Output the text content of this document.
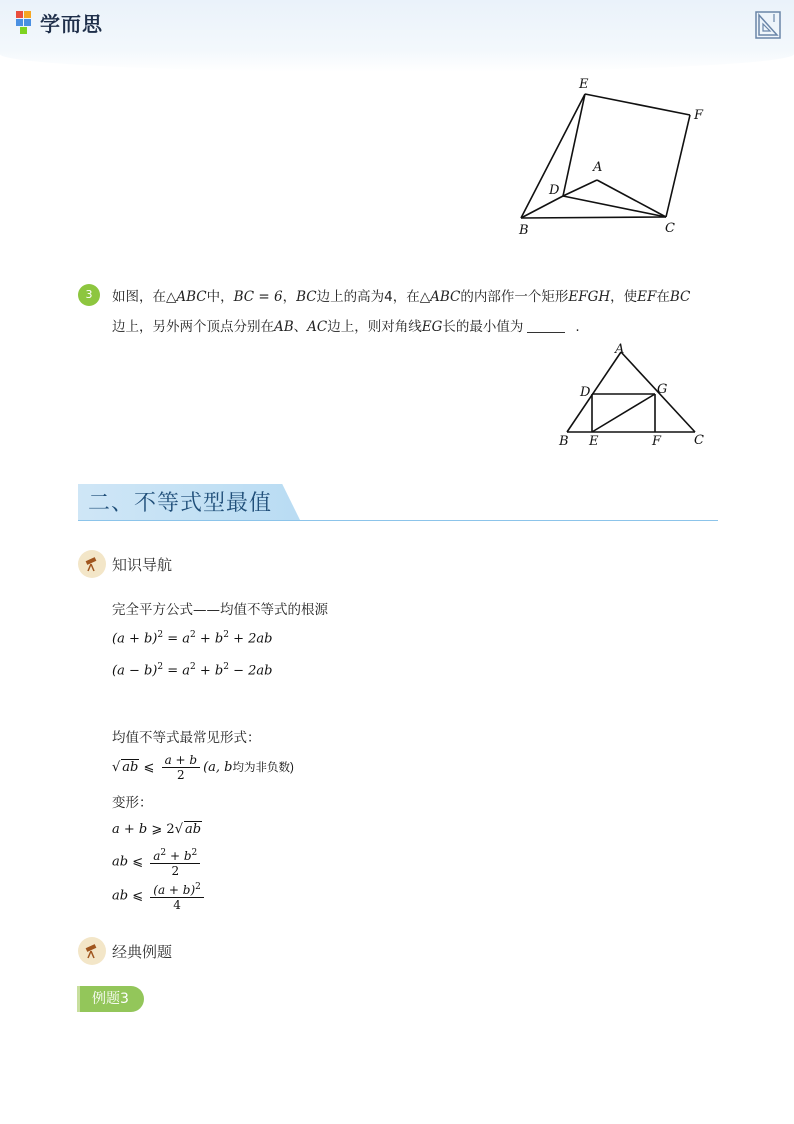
学而思
E
F
A
D
B	C
3	如图，在△ABC中，BC = 6，BC边上的高为4，在△ABC的内部作一个矩形EFGH，使EF在BC
边上，另外两个顶点分别在AB、AC边上，则对角线EG长的最小值为	.
A
D	G
B E	F	C
二、不等式型最值
知识导航
完全平方公式——均值不等式的根源
$(a + b)^2 = a^2 + b^2 + 2ab$
$(a - b)^2 = a^2 + b^2 - 2ab$
均值不等式最常见形式：
√ ab ⩽ $\frac{a + b}{2} (a$, b均为非负数)
变形：
a + b ⩾ 2√ ab
ab ⩽ $\frac{a^2 + b^2}{2}$
ab ⩽ $\frac{(a + b)^2}{4}$
经典例题
例题3
